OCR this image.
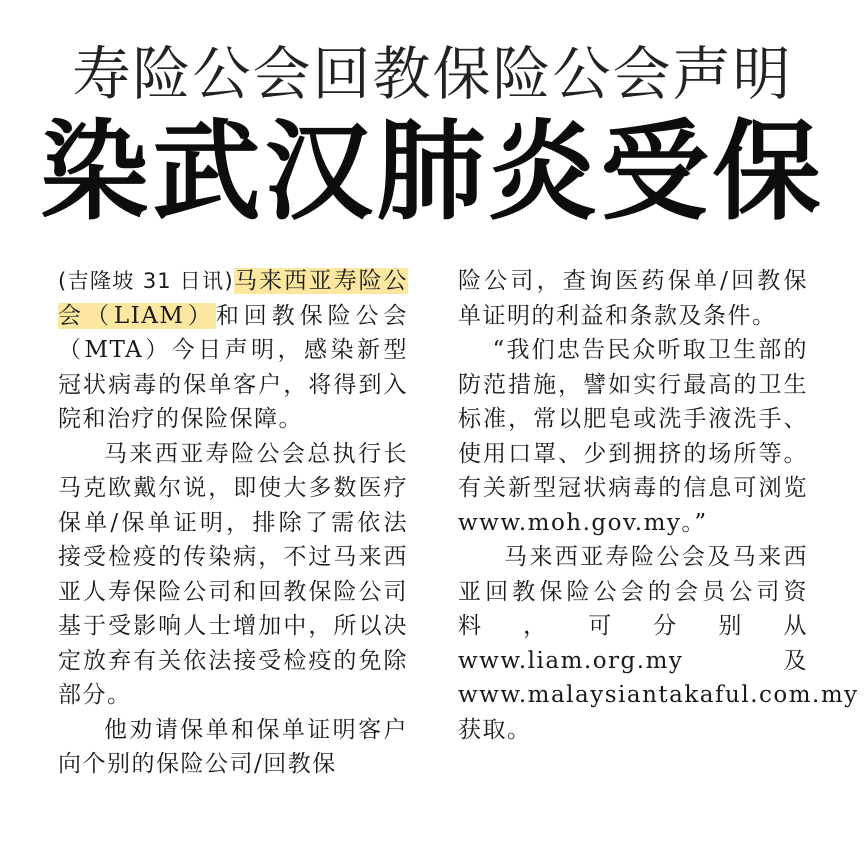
寿险公会回教保险公会声明
染武汉肺炎受保

(吉隆坡 31 日讯)马来西亚寿险公会（LIAM）和回教保险公会（MTA）今日声明，感染新型冠状病毒的保单客户，将得到入院和治疗的保险保障。

马来西亚寿险公会总执行长马克欧戴尔说，即使大多数医疗保单/保单证明，排除了需依法接受检疫的传染病，不过马来西亚人寿保险公司和回教保险公司基于受影响人士增加中，所以决定放弃有关依法接受检疫的免除部分。

他劝请保单和保单证明客户向个别的保险公司/回教保

险公司，查询医药保单/回教保单证明的利益和条款及条件。

“我们忠告民众听取卫生部的防范措施，譬如实行最高的卫生标准，常以肥皂或洗手液洗手、使用口罩、少到拥挤的场所等。有关新型冠状病毒的信息可浏览 www.moh.gov.my。”

马来西亚寿险公会及马来西亚回教保险公会的会员公司资料，可分别从 www.liam.org.my 及 www.malaysiantakaful.com.my 获取。
